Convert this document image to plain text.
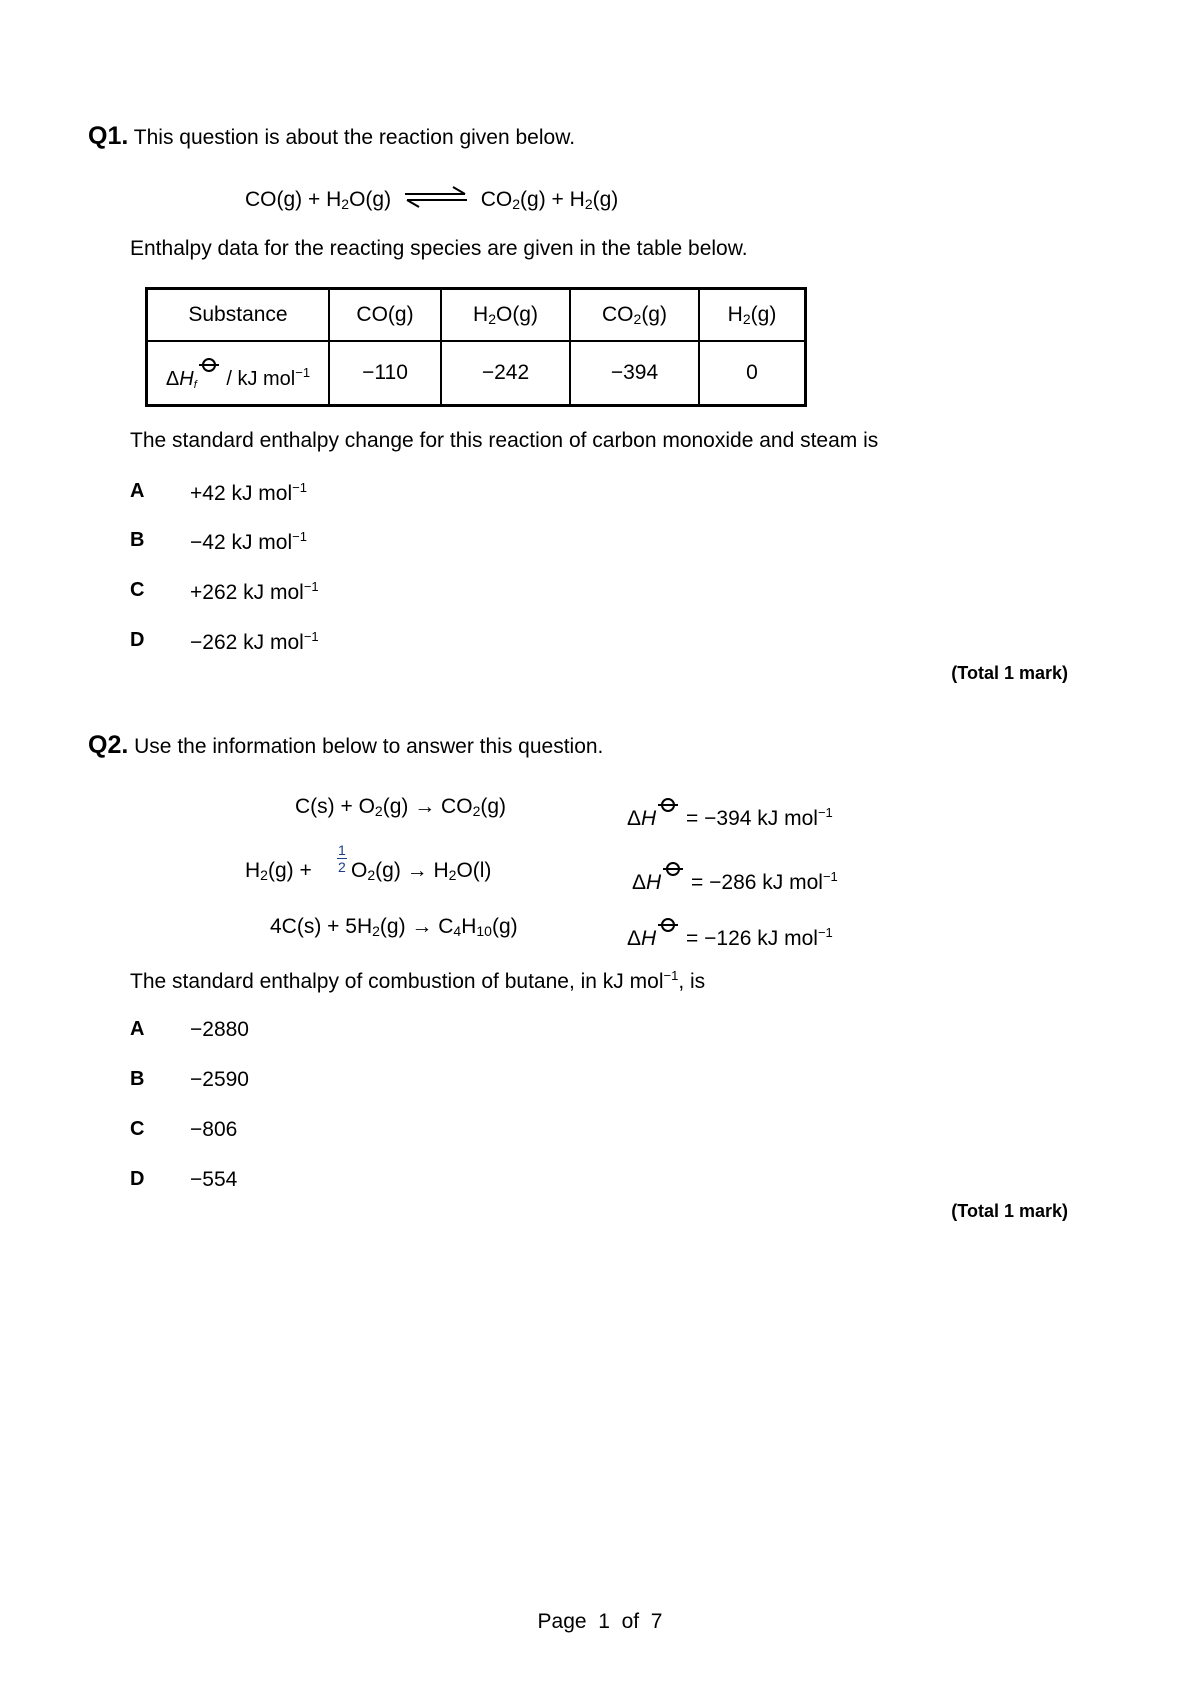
Q1. This question is about the reaction given below.
$CO(g) + H_2O(g)$ ⇌ $CO_2(g) + H_2(g)$
Enthalpy data for the reacting species are given in the table below.
Substance	CO(g)	$H_2O(g)$	$CO_2(g)$	$H_2(g)$
$\Delta H_f$ / kJ mol$^{-1}$	−110	−242	−394	0
The standard enthalpy change for this reaction of carbon monoxide and steam is
A +42 kJ mol$^{-1}$
B −42 kJ mol$^{-1}$
C +262 kJ mol$^{-1}$
D −262 kJ mol$^{-1}$
(Total 1 mark)
Q2. Use the information below to answer this question.
$C(s) + O_2(g) \to CO_2(g)$
ΔH = −394 kJ mol$^{-1}$
$H_2(g) + \frac{1}{2} O_2(g) \to H_2O(l)$
ΔH = −286 kJ mol$^{-1}$
$4C(s) + 5H_2(g) \to C_4H_{10}(g)$
ΔH = −126 kJ mol$^{-1}$
The standard enthalpy of combustion of butane, in kJ mol$^{-1}$, is
A −2880
B −2590
C −806
D −554
(Total 1 mark)
Page 1 of 7
